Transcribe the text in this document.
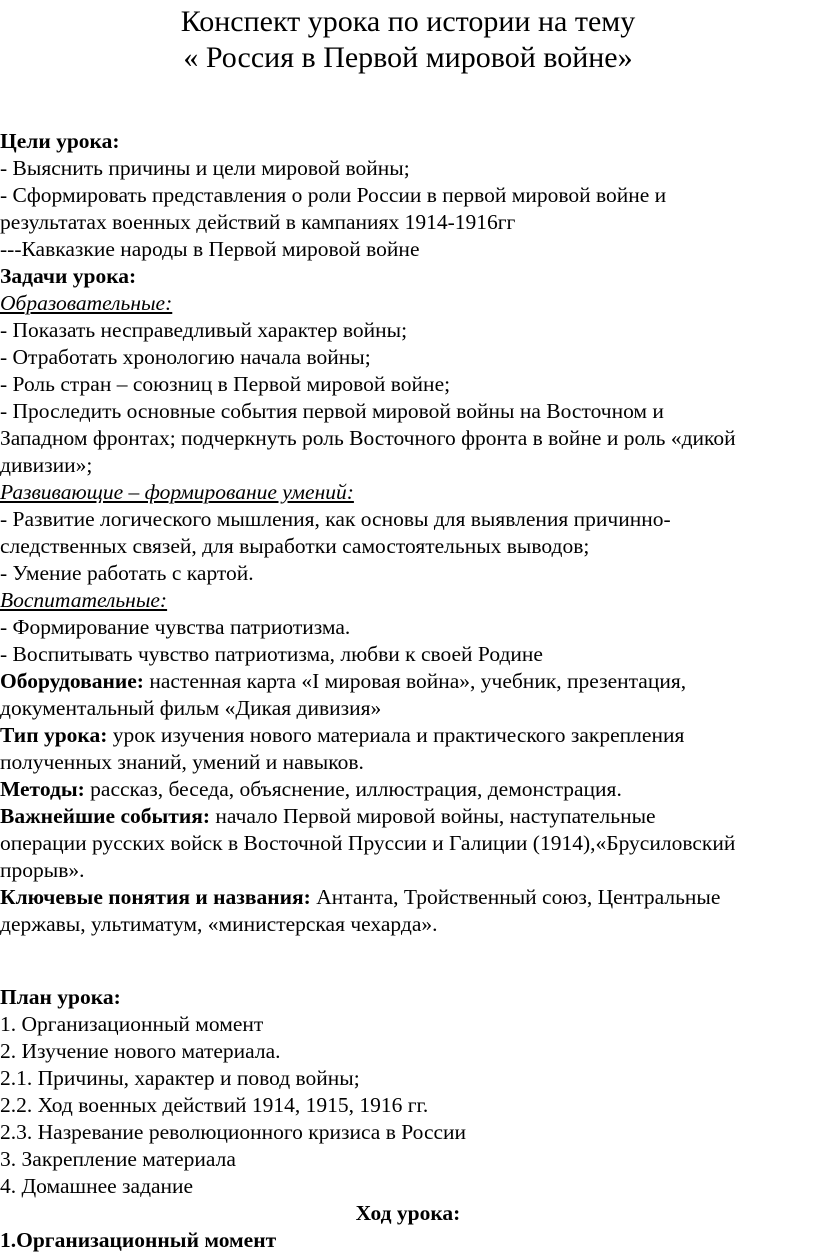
Конспект урока по истории на тему
« Россия в Первой мировой войне»
Цели урока:
- Выяснить причины и цели мировой войны;
- Сформировать представления о роли России в первой мировой войне и
результатах военных действий в кампаниях 1914-1916гг
---Кавказкие народы в Первой мировой войне
Задачи урока:
Образовательные:
- Показать несправедливый характер войны;
- Отработать хронологию начала войны;
- Роль стран – союзниц в Первой мировой войне;
- Проследить основные события первой мировой войны на Восточном и
Западном фронтах; подчеркнуть роль Восточного фронта в войне и роль «дикой
дивизии»;
Развивающие – формирование умений:
- Развитие логического мышления, как основы для выявления причинно-
следственных связей, для выработки самостоятельных выводов;
- Умение работать с картой.
Воспитательные:
- Формирование чувства патриотизма.
- Воспитывать чувство патриотизма, любви к своей Родине
Оборудование: настенная карта «I мировая война», учебник, презентация,
документальный фильм «Дикая дивизия»
Тип урока: урок изучения нового материала и практического закрепления
полученных знаний, умений и навыков.
Методы: рассказ, беседа, объяснение, иллюстрация, демонстрация.
Важнейшие события: начало Первой мировой войны, наступательные
операции русских войск в Восточной Пруссии и Галиции (1914),«Брусиловский
прорыв».
Ключевые понятия и названия: Антанта, Тройственный союз, Центральные
державы, ультиматум, «министерская чехарда».
План урока:
1. Организационный момент
2. Изучение нового материала.
2.1. Причины, характер и повод войны;
2.2. Ход военных действий 1914, 1915, 1916 гг.
2.3. Назревание революционного кризиса в России
3. Закрепление материала
4. Домашнее задание
Ход урока:
1.Организационный момент
